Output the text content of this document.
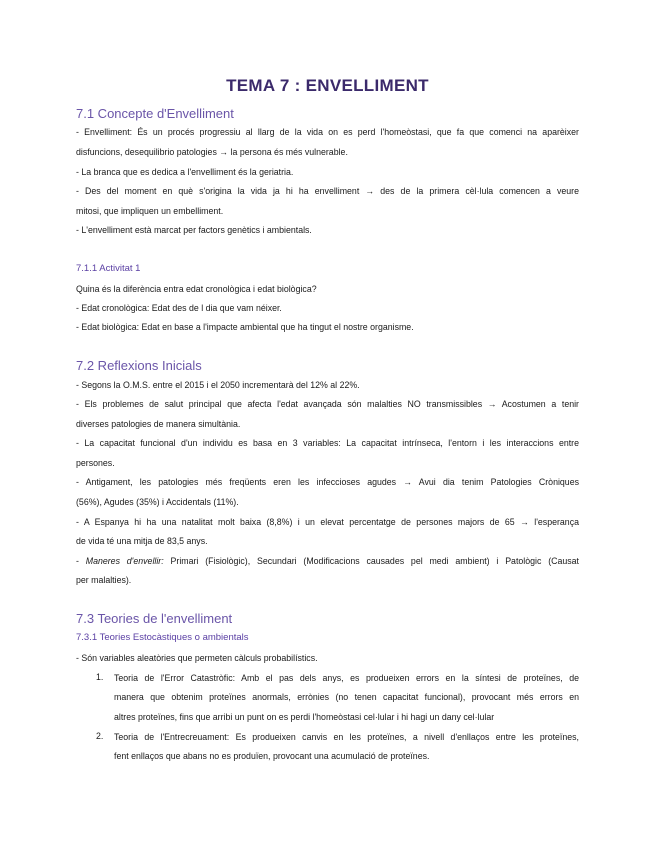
TEMA 7 : ENVELLIMENT
7.1 Concepte d'Envelliment
- Envelliment: És un procés progressiu al llarg de la vida on es perd l'homeòstasi, que fa que comenci na aparèixer
disfuncions, desequilibrio patologies → la persona és més vulnerable.
- La branca que es dedica a l'envelliment és la geriatria.
- Des del moment en què s'origina la vida ja hi ha envelliment → des de la primera cèl·lula comencen a veure
mitosi, que impliquen un embelliment.
- L'envelliment està marcat per factors genètics i ambientals.
7.1.1 Activitat 1
Quina és la diferència entra edat cronològica i edat biològica?
- Edat cronològica: Edat des de l dia que vam néixer.
- Edat biològica: Edat en base a l'impacte ambiental que ha tingut el nostre organisme.
7.2 Reflexions Inicials
- Segons la O.M.S. entre el 2015 i el 2050 incrementarà del 12% al 22%.
- Els problemes de salut principal que afecta l'edat avançada són malalties NO transmissibles → Acostumen a tenir
diverses patologies de manera simultània.
- La capacitat funcional d'un individu es basa en 3 variables: La capacitat intrínseca, l'entorn i les interaccions entre
persones.
- Antigament, les patologies més freqüents eren les infeccioses agudes → Avui dia tenim Patologies Cròniques
(56%), Agudes (35%) i Accidentals (11%).
- A Espanya hi ha una natalitat molt baixa (8,8%) i un elevat percentatge de persones majors de 65 → l'esperança
de vida té una mitja de 83,5 anys.
- Maneres d'envellir: Primari (Fisiològic), Secundari (Modificacions causades pel medi ambient) i Patològic (Causat
per malalties).
7.3 Teories de l'envelliment
7.3.1 Teories Estocàstiques o ambientals
- Són variables aleatòries que permeten càlculs probabilístics.
1. Teoria de l'Error Catastròfic: Amb el pas dels anys, es produeixen errors en la síntesi de proteïnes, de
manera que obtenim proteïnes anormals, errònies (no tenen capacitat funcional), provocant més errors en
altres proteïnes, fins que arribi un punt on es perdi l'homeòstasi cel·lular i hi hagi un dany cel·lular
2. Teoria de l'Entrecreuament: Es produeixen canvis en les proteïnes, a nivell d'enllaços entre les proteïnes,
fent enllaços que abans no es produïen, provocant una acumulació de proteïnes.
